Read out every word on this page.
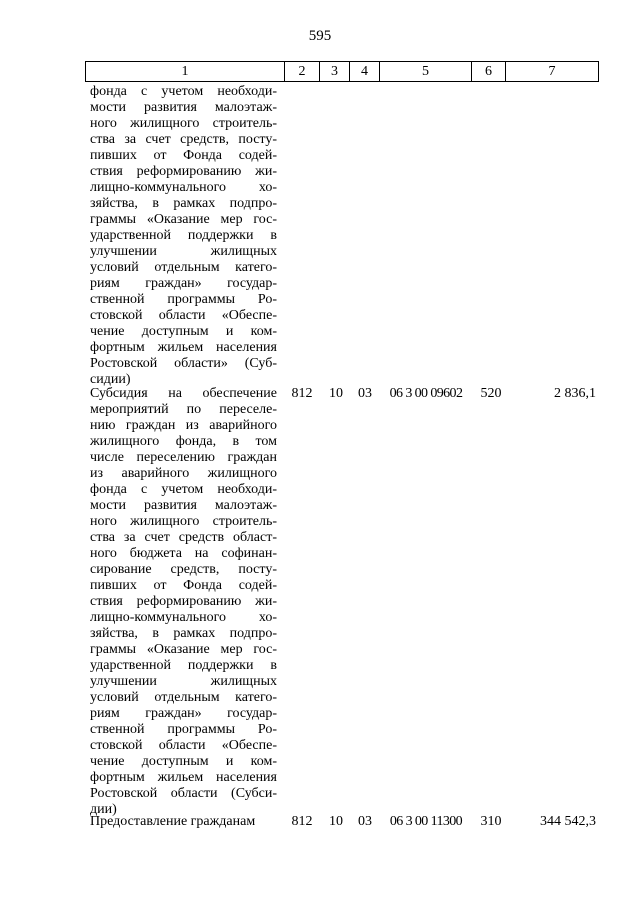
595
1	2	3	4	5	6	7
фонда с учетом необходи-
мости развития малоэтаж-
ного жилищного строитель-
ства за счет средств, посту-
пивших от Фонда содей-
ствия реформированию жи-
лищно-коммунального хо-
зяйства, в рамках подпро-
граммы «Оказание мер гос-
ударственной поддержки в
улучшении жилищных
условий отдельным катего-
риям граждан» государ-
ственной программы Ро-
стовской области «Обеспе-
чение доступным и ком-
фортным жильем населения
Ростовской области» (Суб-
сидии)
Субсидия на обеспечение
мероприятий по переселе-
нию граждан из аварийного
жилищного фонда, в том
числе переселению граждан
из аварийного жилищного
фонда с учетом необходи-
мости развития малоэтаж-
ного жилищного строитель-
ства за счет средств област-
ного бюджета на софинан-
сирование средств, посту-
пивших от Фонда содей-
ствия реформированию жи-
лищно-коммунального хо-
зяйства, в рамках подпро-
граммы «Оказание мер гос-
ударственной поддержки в
улучшении жилищных
условий отдельным катего-
риям граждан» государ-
ственной программы Ро-
стовской области «Обеспе-
чение доступным и ком-
фортным жильем населения
Ростовской области (Субси-
дии)
812	10	03	06 3 00 09602	520	2 836,1
Предоставление гражданам	812	10	03	06 3 00 11300	310	344 542,3
